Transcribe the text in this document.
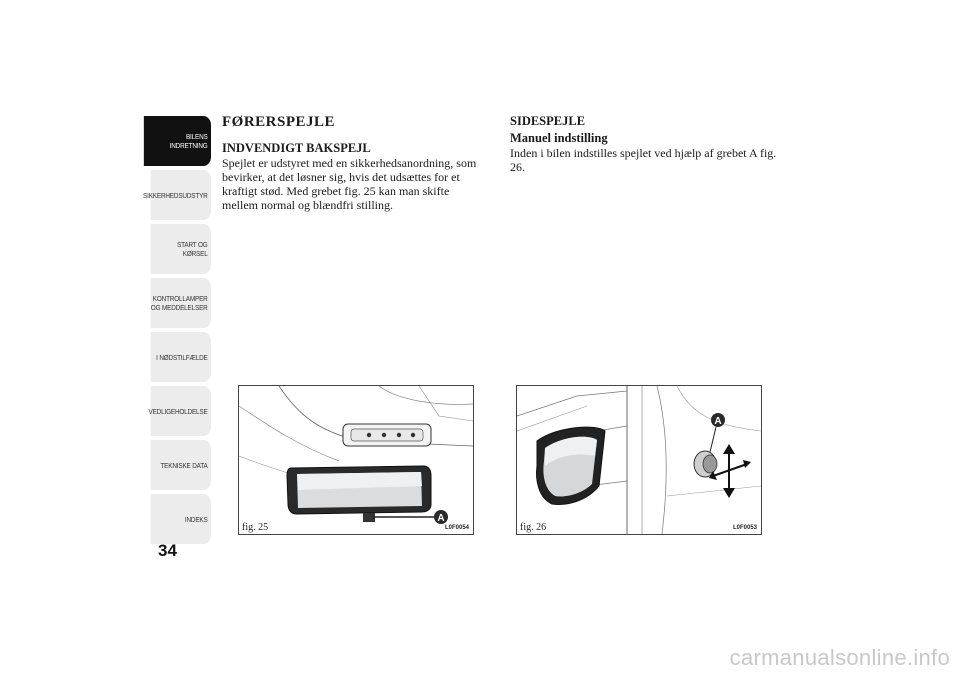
BILENS
INDRETNING
SIKKERHEDSUDSTYR
START OG KØRSEL
KONTROLLAMPER
OG MEDDELELSER
I NØDSTILFÆLDE
VEDLIGEHOLDELSE
TEKNISKE DATA
INDEKS
34
FØRERSPEJLE
INDVENDIGT BAKSPEJL

Spejlet er udstyret med en sikkerhedsanordning, som bevirker, at det løsner sig, hvis det udsættes for et kraftigt stød. Med grebet fig. 25 kan man skifte mellem normal og blændfri stilling.

SIDESPEJLE
Manuel indstilling

Inden i bilen indstilles spejlet ved hjælp af grebet A fig. 26.

A
fig. 25	L0F0054
A
fig. 26	L0F0053
carmanualsonline.info
